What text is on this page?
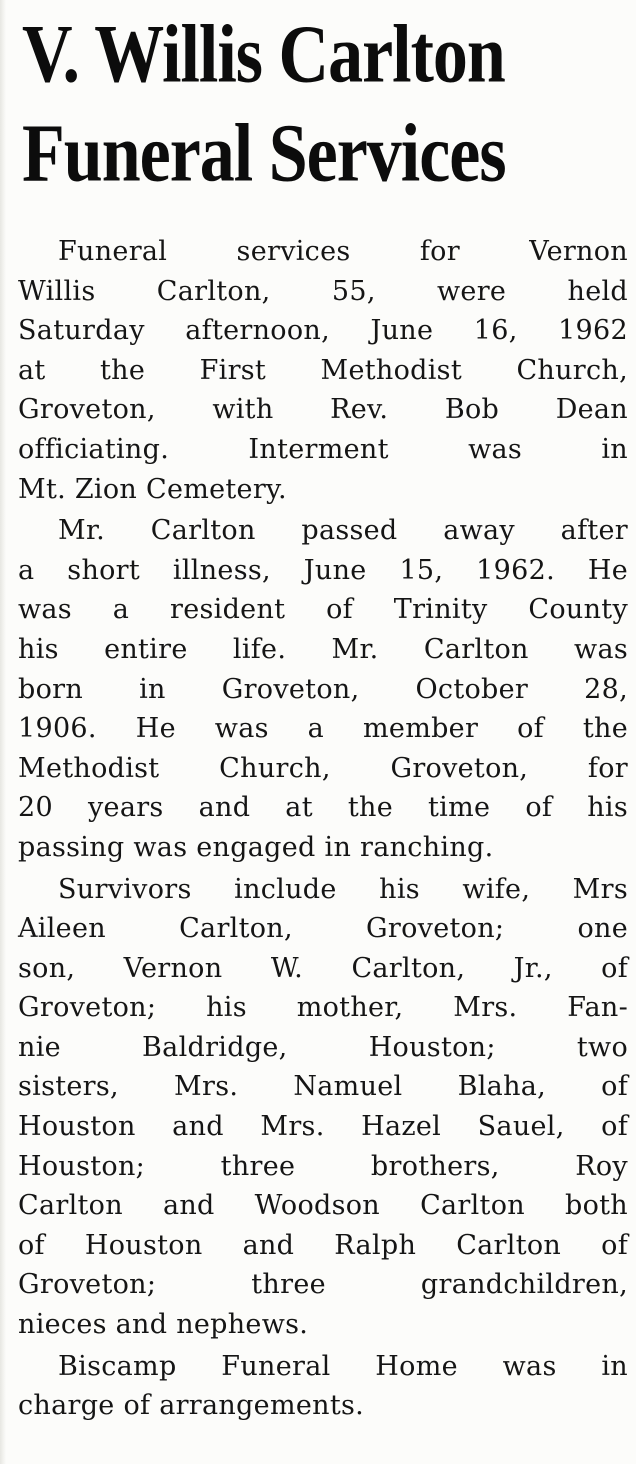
V. Willis Carlton
Funeral Services

Funeral services for Vernon
Willis Carlton, 55, were held
Saturday afternoon, June 16, 1962
at the First Methodist Church,
Groveton, with Rev. Bob Dean
officiating. Interment was in
Mt. Zion Cemetery.

Mr. Carlton passed away after
a short illness, June 15, 1962. He
was a resident of Trinity County
his entire life. Mr. Carlton was
born in Groveton, October 28,
1906. He was a member of the
Methodist Church, Groveton, for
20 years and at the time of his
passing was engaged in ranching.

Survivors include his wife, Mrs
Aileen Carlton, Groveton; one
son, Vernon W. Carlton, Jr., of
Groveton; his mother, Mrs. Fan-
nie Baldridge, Houston; two
sisters, Mrs. Namuel Blaha, of
Houston and Mrs. Hazel Sauel, of
Houston; three brothers, Roy
Carlton and Woodson Carlton both
of Houston and Ralph Carlton of
Groveton; three grandchildren,
nieces and nephews.

Biscamp Funeral Home was in
charge of arrangements.
